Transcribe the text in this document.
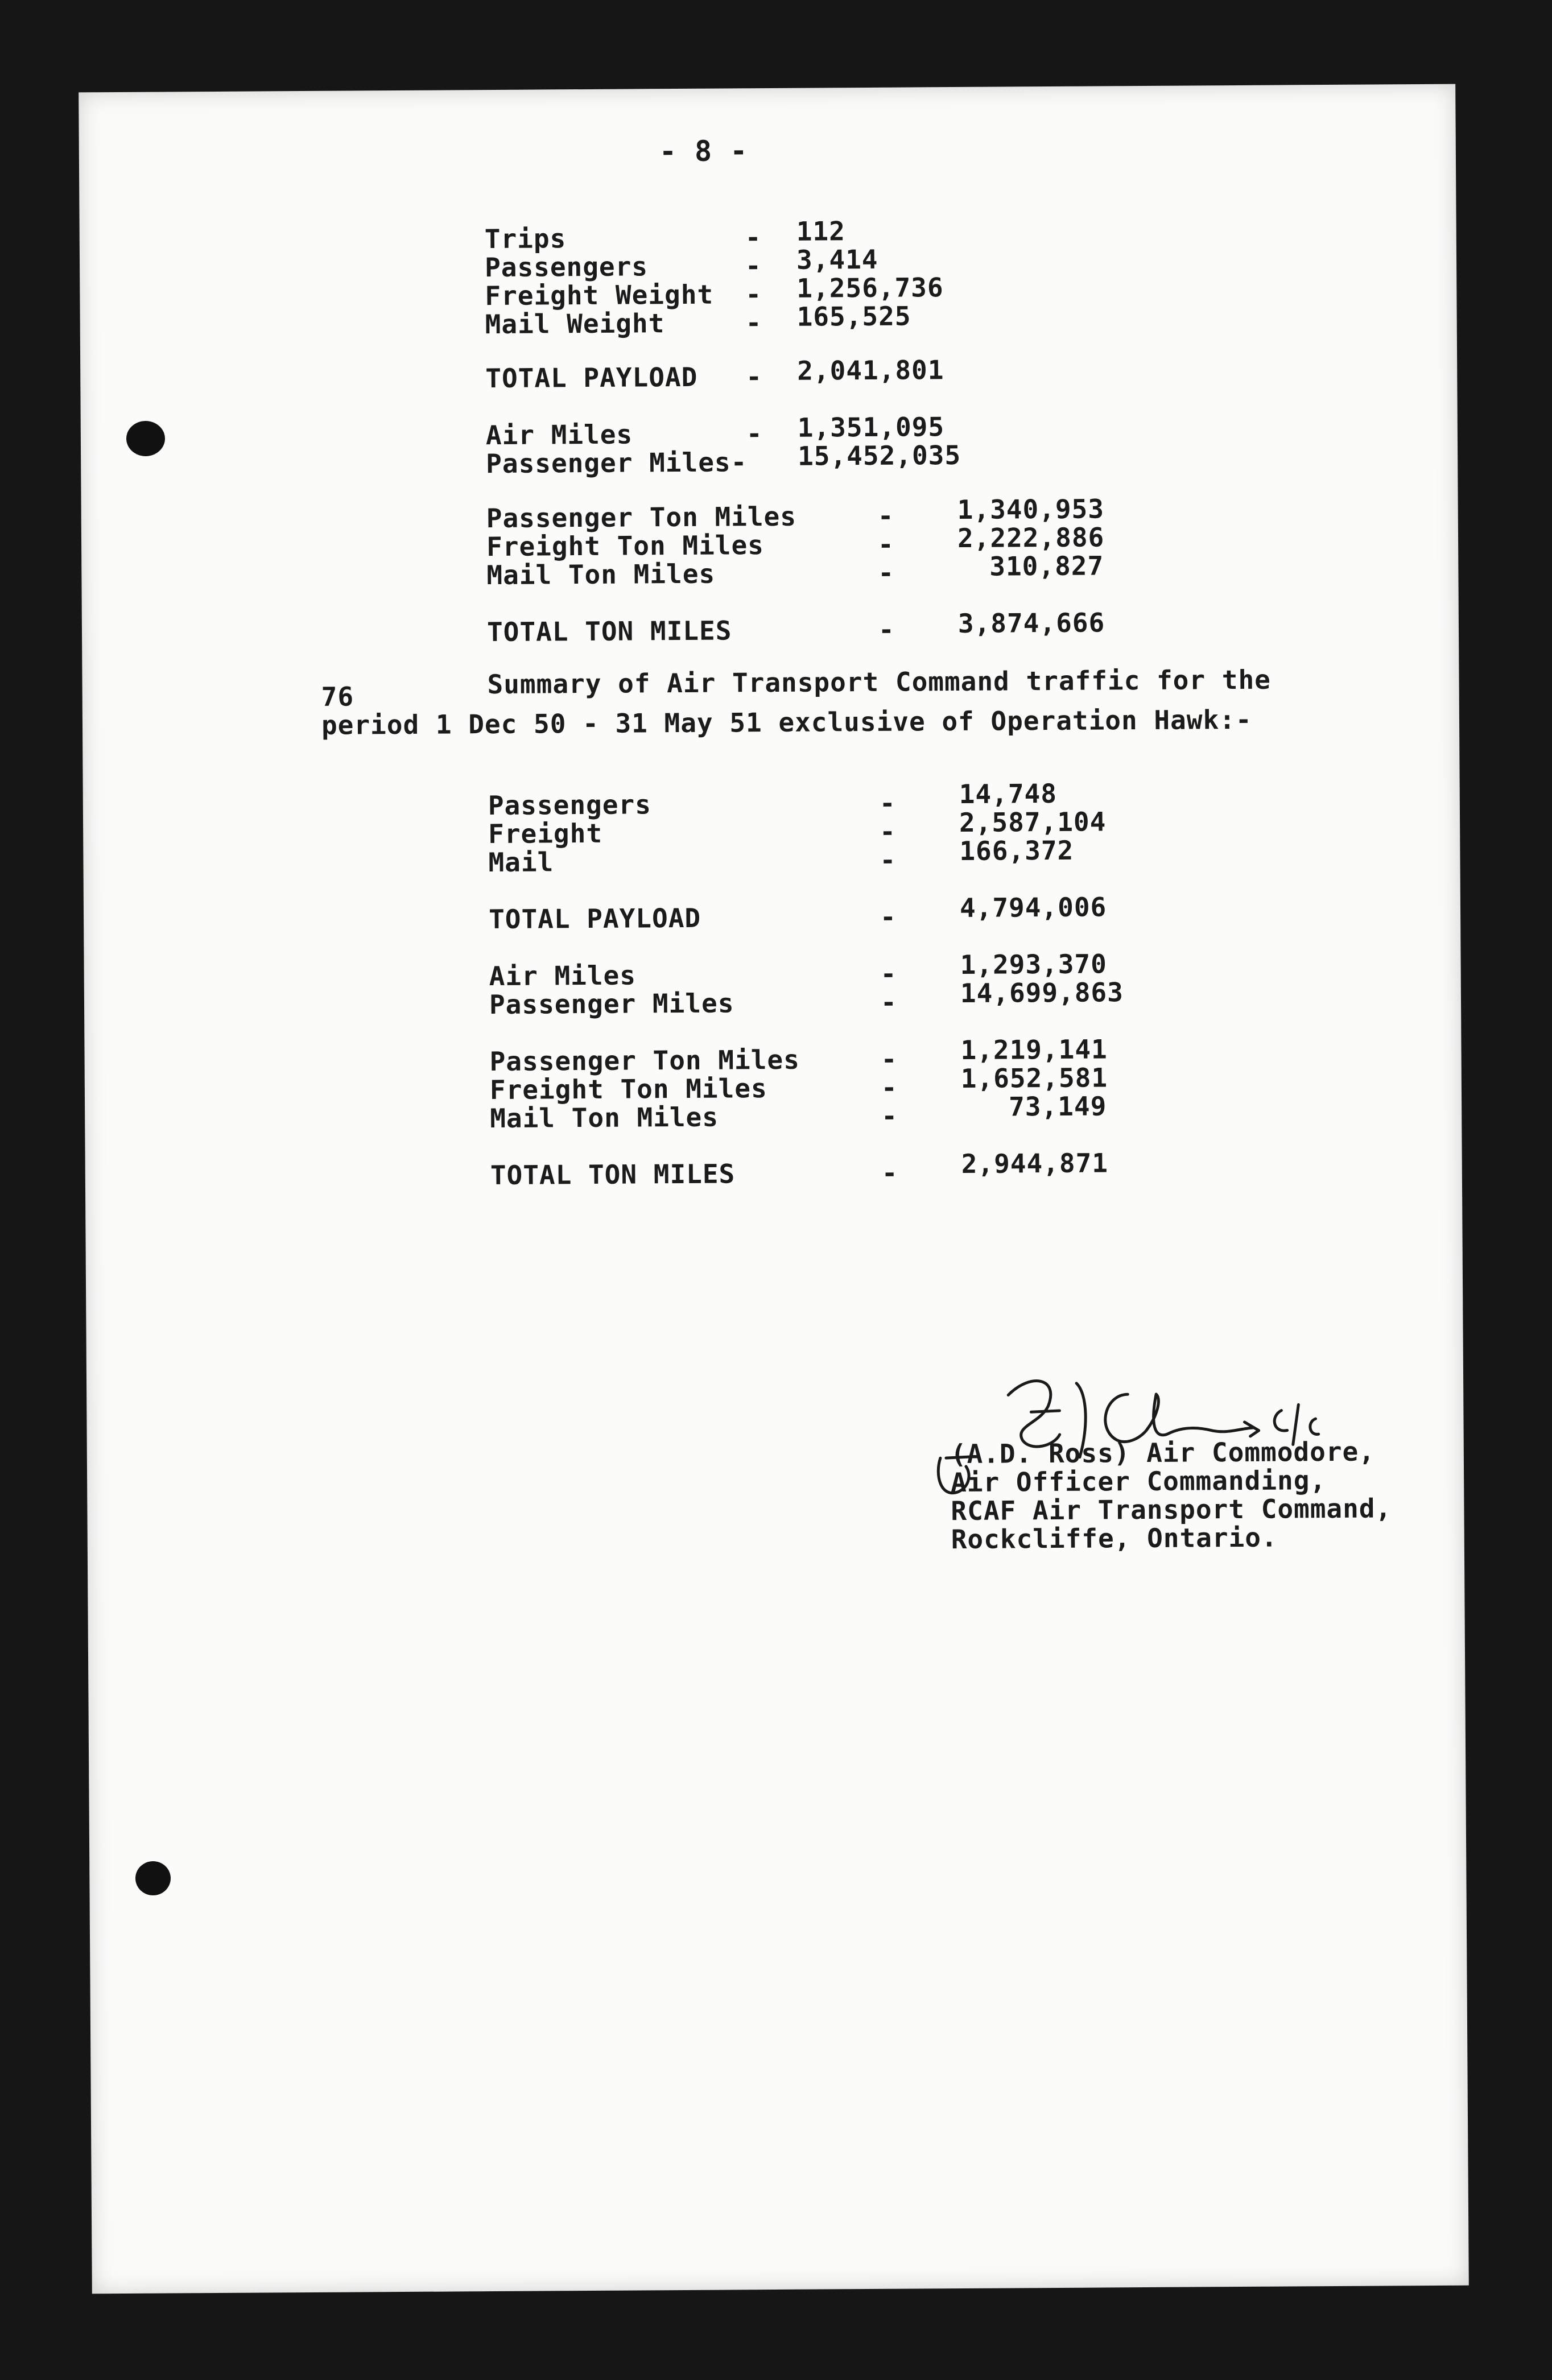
- 8 -
Trips	- 112
Passengers	- 3,414
Freight Weight - 1,256,736
Mail Weight	- 165,525
TOTAL PAYLOAD - 2,041,801
Air Miles	- 1,351,095
Passenger Miles- 15,452,035
Passenger Ton Miles	- 1,340,953
Freight Ton Miles	- 2,222,886
Mail Ton Miles	-	310,827
TOTAL TON MILES	- 3,874,666
76	Summary of Air Transport Command traffic for the
period 1 Dec 50 - 31 May 51 exclusive of Operation Hawk:-
Passengers	- 14,748
Freight	- 2,587,104
Mail	- 166,372
TOTAL PAYLOAD	- 4,794,006
Air Miles	- 1,293,370
Passenger Miles	- 14,699,863
Passenger Ton Miles	- 1,219,141
Freight Ton Miles	- 1,652,581
Mail Ton Miles	-	73,149
TOTAL TON MILES	- 2,944,871
(A.D. Ross) Air Commodore,
Air Officer Commanding,
RCAF Air Transport Command,
Rockcliffe, Ontario.
